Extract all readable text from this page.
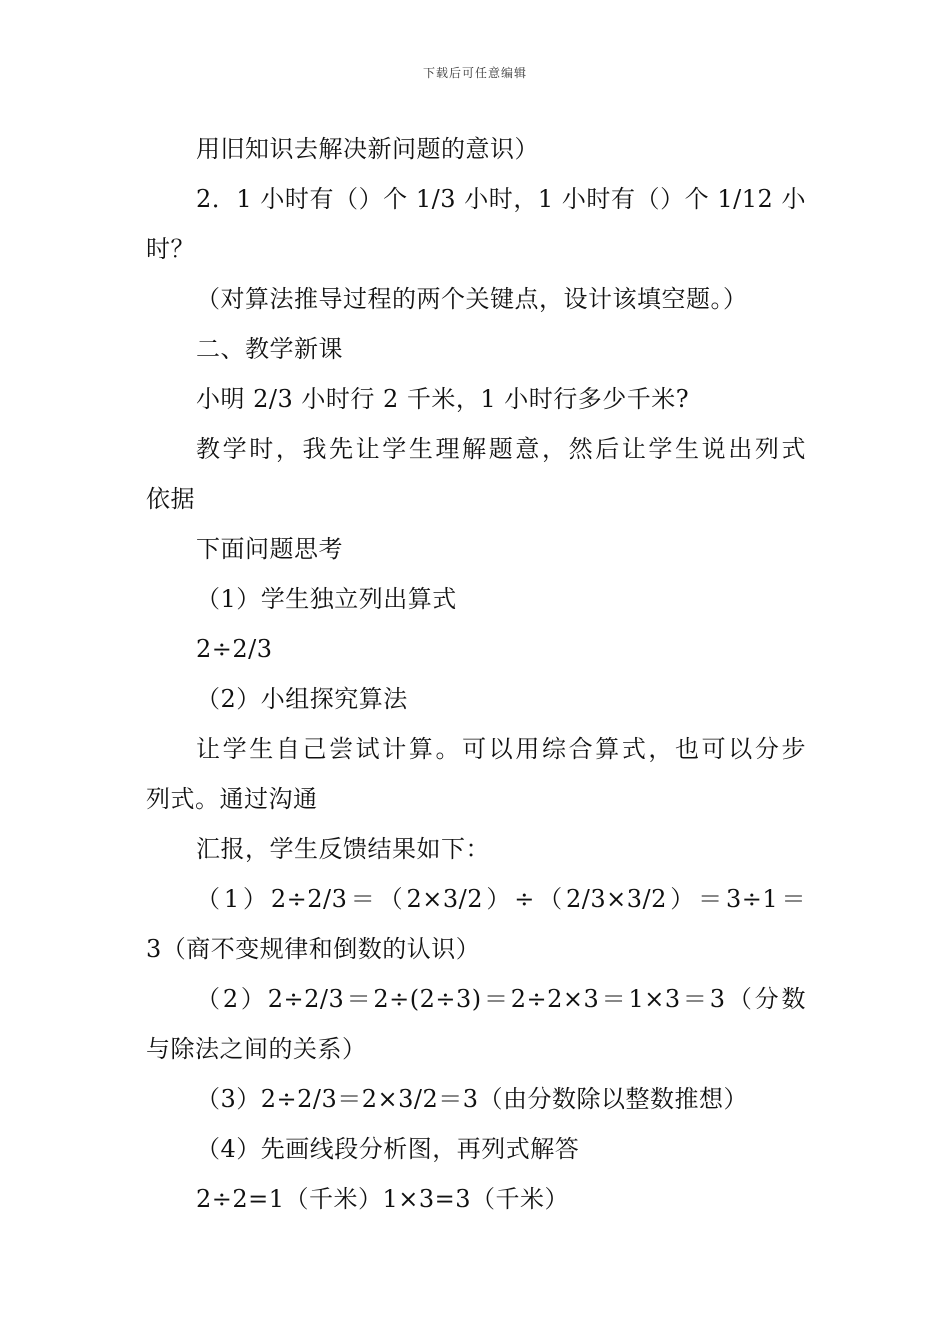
下载后可任意编辑
用旧知识去解决新问题的意识）
2．1 小时有（）个 1/3 小时，1 小时有（）个 1/12 小
时？
（对算法推导过程的两个关键点，设计该填空题。）
二、教学新课
小明 2/3 小时行 2 千米，1 小时行多少千米?
教学时，我先让学生理解题意，然后让学生说出列式
依据
下面问题思考
（1）学生独立列出算式
2÷2/3
（2）小组探究算法
让学生自己尝试计算。可以用综合算式，也可以分步
列式。通过沟通
汇报，学生反馈结果如下：
（1）2÷2/3＝（2×3/2）÷（2/3×3/2）＝3÷1＝
3（商不变规律和倒数的认识）
（2）2÷2/3＝2÷(2÷3)＝2÷2×3＝1×3＝3（分数
与除法之间的关系）
（3）2÷2/3＝2×3/2＝3（由分数除以整数推想）
（4）先画线段分析图，再列式解答
2÷2=1（千米）1×3=3（千米）
